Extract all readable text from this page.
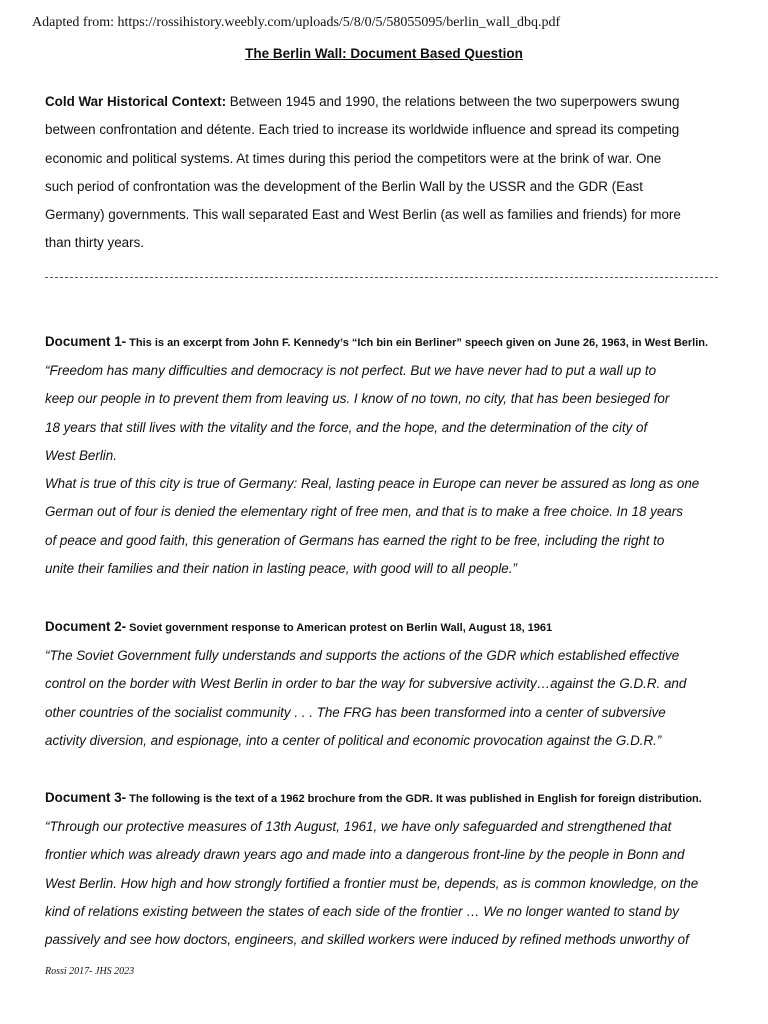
Adapted from: https://rossihistory.weebly.com/uploads/5/8/0/5/58055095/berlin_wall_dbq.pdf
The Berlin Wall: Document Based Question
Cold War Historical Context: Between 1945 and 1990, the relations between the two superpowers swung
between confrontation and détente. Each tried to increase its worldwide influence and spread its competing
economic and political systems. At times during this period the competitors were at the brink of war. One
such period of confrontation was the development of the Berlin Wall by the USSR and the GDR (East
Germany) governments. This wall separated East and West Berlin (as well as families and friends) for more
than thirty years.
Document 1- This is an excerpt from John F. Kennedy’s “Ich bin ein Berliner” speech given on June 26, 1963, in West Berlin.
“Freedom has many difficulties and democracy is not perfect. But we have never had to put a wall up to
keep our people in to prevent them from leaving us. I know of no town, no city, that has been besieged for
18 years that still lives with the vitality and the force, and the hope, and the determination of the city of
West Berlin.
What is true of this city is true of Germany: Real, lasting peace in Europe can never be assured as long as one
German out of four is denied the elementary right of free men, and that is to make a free choice. In 18 years
of peace and good faith, this generation of Germans has earned the right to be free, including the right to
unite their families and their nation in lasting peace, with good will to all people.”
Document 2- Soviet government response to American protest on Berlin Wall, August 18, 1961
“The Soviet Government fully understands and supports the actions of the GDR which established effective
control on the border with West Berlin in order to bar the way for subversive activity…against the G.D.R. and
other countries of the socialist community . . . The FRG has been transformed into a center of subversive
activity diversion, and espionage, into a center of political and economic provocation against the G.D.R.”
Document 3- The following is the text of a 1962 brochure from the GDR. It was published in English for foreign distribution.
“Through our protective measures of 13th August, 1961, we have only safeguarded and strengthened that
frontier which was already drawn years ago and made into a dangerous front-line by the people in Bonn and
West Berlin. How high and how strongly fortified a frontier must be, depends, as is common knowledge, on the
kind of relations existing between the states of each side of the frontier … We no longer wanted to stand by
passively and see how doctors, engineers, and skilled workers were induced by refined methods unworthy of
Rossi 2017- JHS 2023
